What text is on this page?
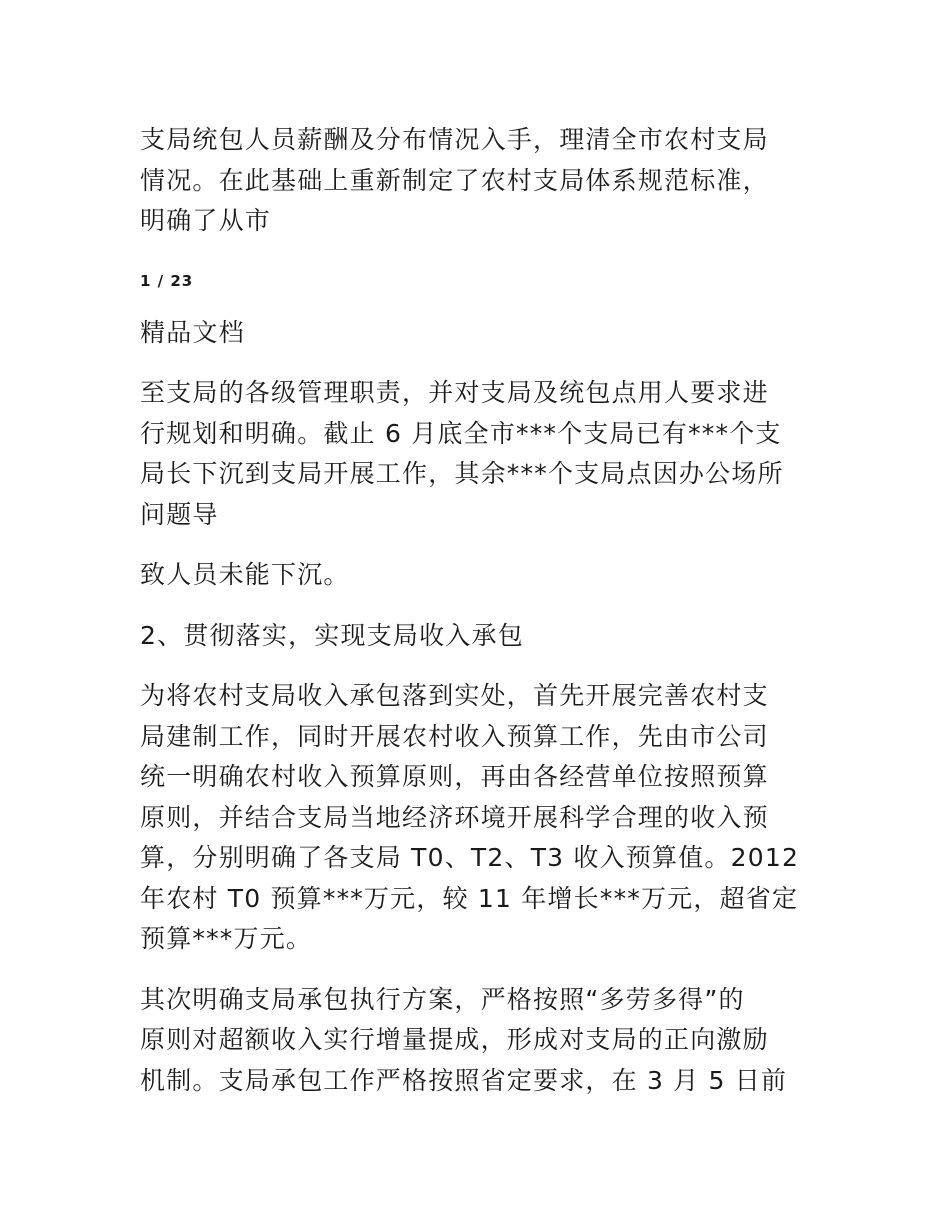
支局统包人员薪酬及分布情况入手，理清全市农村支局
情况。在此基础上重新制定了农村支局体系规范标准，
明确了从市

1 / 23

精品文档

至支局的各级管理职责，并对支局及统包点用人要求进
行规划和明确。截止 6 月底全市***个支局已有***个支
局长下沉到支局开展工作，其余***个支局点因办公场所
问题导

致人员未能下沉。

2、贯彻落实，实现支局收入承包

为将农村支局收入承包落到实处，首先开展完善农村支
局建制工作，同时开展农村收入预算工作，先由市公司
统一明确农村收入预算原则，再由各经营单位按照预算
原则，并结合支局当地经济环境开展科学合理的收入预
算，分别明确了各支局 T0、T2、T3 收入预算值。2012
年农村 T0 预算***万元，较 11 年增长***万元，超省定
预算***万元。

其次明确支局承包执行方案，严格按照“多劳多得”的
原则对超额收入实行增量提成，形成对支局的正向激励
机制。支局承包工作严格按照省定要求，在 3 月 5 日前
